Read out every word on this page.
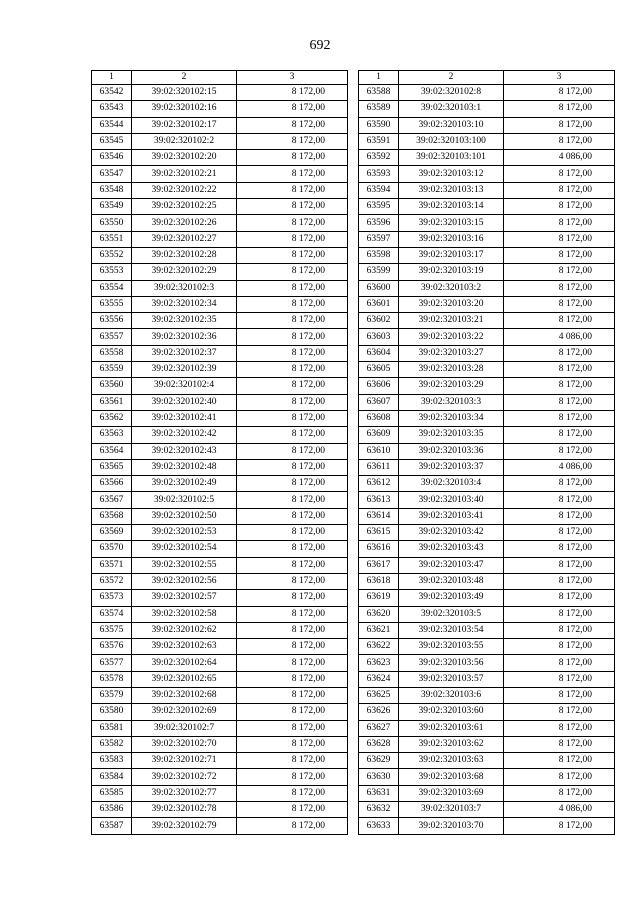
692
1	2	3
63542	39:02:320102:15	8 172,00
63543	39:02:320102:16	8 172,00
63544	39:02:320102:17	8 172,00
63545	39:02:320102:2	8 172,00
63546	39:02:320102:20	8 172,00
63547	39:02:320102:21	8 172,00
63548	39:02:320102:22	8 172,00
63549	39:02:320102:25	8 172,00
63550	39:02:320102:26	8 172,00
63551	39:02:320102:27	8 172,00
63552	39:02:320102:28	8 172,00
63553	39:02:320102:29	8 172,00
63554	39:02:320102:3	8 172,00
63555	39:02:320102:34	8 172,00
63556	39:02:320102:35	8 172,00
63557	39:02:320102:36	8 172,00
63558	39:02:320102:37	8 172,00
63559	39:02:320102:39	8 172,00
63560	39:02:320102:4	8 172,00
63561	39:02:320102:40	8 172,00
63562	39:02:320102:41	8 172,00
63563	39:02:320102:42	8 172,00
63564	39:02:320102:43	8 172,00
63565	39:02:320102:48	8 172,00
63566	39:02:320102:49	8 172,00
63567	39:02:320102:5	8 172,00
63568	39:02:320102:50	8 172,00
63569	39:02:320102:53	8 172,00
63570	39:02:320102:54	8 172,00
63571	39:02:320102:55	8 172,00
63572	39:02:320102:56	8 172,00
63573	39:02:320102:57	8 172,00
63574	39:02:320102:58	8 172,00
63575	39:02:320102:62	8 172,00
63576	39:02:320102:63	8 172,00
63577	39:02:320102:64	8 172,00
63578	39:02:320102:65	8 172,00
63579	39:02:320102:68	8 172,00
63580	39:02:320102:69	8 172,00
63581	39:02:320102:7	8 172,00
63582	39:02:320102:70	8 172,00
63583	39:02:320102:71	8 172,00
63584	39:02:320102:72	8 172,00
63585	39:02:320102:77	8 172,00
63586	39:02:320102:78	8 172,00
63587	39:02:320102:79	8 172,00
1	2	3
63588	39:02:320102:8	8 172,00
63589	39:02:320103:1	8 172,00
63590	39:02:320103:10	8 172,00
63591	39:02:320103:100	8 172,00
63592	39:02:320103:101	4 086,00
63593	39:02:320103:12	8 172,00
63594	39:02:320103:13	8 172,00
63595	39:02:320103:14	8 172,00
63596	39:02:320103:15	8 172,00
63597	39:02:320103:16	8 172,00
63598	39:02:320103:17	8 172,00
63599	39:02:320103:19	8 172,00
63600	39:02:320103:2	8 172,00
63601	39:02:320103:20	8 172,00
63602	39:02:320103:21	8 172,00
63603	39:02:320103:22	4 086,00
63604	39:02:320103:27	8 172,00
63605	39:02:320103:28	8 172,00
63606	39:02:320103:29	8 172,00
63607	39:02:320103:3	8 172,00
63608	39:02:320103:34	8 172,00
63609	39:02:320103:35	8 172,00
63610	39:02:320103:36	8 172,00
63611	39:02:320103:37	4 086,00
63612	39:02:320103:4	8 172,00
63613	39:02:320103:40	8 172,00
63614	39:02:320103:41	8 172,00
63615	39:02:320103:42	8 172,00
63616	39:02:320103:43	8 172,00
63617	39:02:320103:47	8 172,00
63618	39:02:320103:48	8 172,00
63619	39:02:320103:49	8 172,00
63620	39:02:320103:5	8 172,00
63621	39:02:320103:54	8 172,00
63622	39:02:320103:55	8 172,00
63623	39:02:320103:56	8 172,00
63624	39:02:320103:57	8 172,00
63625	39:02:320103:6	8 172,00
63626	39:02:320103:60	8 172,00
63627	39:02:320103:61	8 172,00
63628	39:02:320103:62	8 172,00
63629	39:02:320103:63	8 172,00
63630	39:02:320103:68	8 172,00
63631	39:02:320103:69	8 172,00
63632	39:02:320103:7	4 086,00
63633	39:02:320103:70	8 172,00
